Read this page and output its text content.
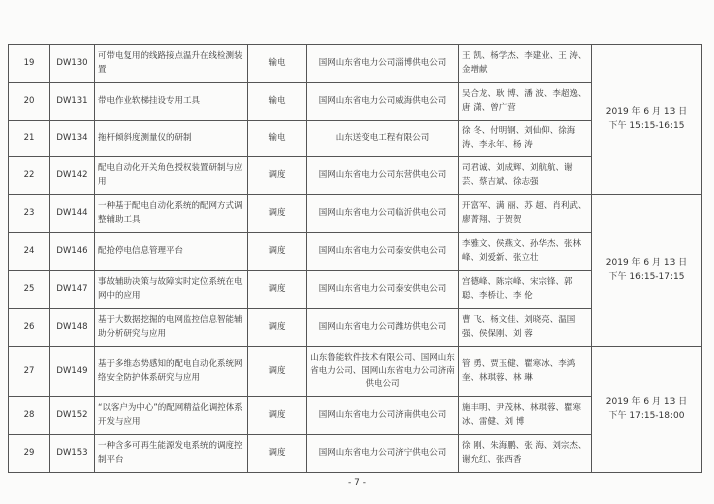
19	DW130	可带电复用的线路接点温升在线检测装置	输电	国网山东省电力公司淄博供电公司	王 凯、杨学杰、李建业、王 涛、金增献	2019 年 6 月 13 日
下午 15:15-16:15

20	DW131	带电作业软梯挂设专用工具	输电	国网山东省电力公司威海供电公司	吴合龙、耿 博、潘 波、李超逸、唐 潇、曾广营	
21	DW134	拖杆倾斜度测量仪的研制	输电	山东送变电工程有限公司	徐 冬、付明钢、刘仙仰、徐海涛、李永年、杨 涛	
22	DW142	配电自动化开关角色授权装置研制与应用	调度	国网山东省电力公司东营供电公司	司君诚、刘成辉、刘航航、谢 芸、蔡吉斌、徐志强	
23	DW144	一种基于配电自动化系统的配网方式调整辅助工具	调度	国网山东省电力公司临沂供电公司	开富军、满 丽、苏 超、肖利武、廖菁翔、于贺贺	2019 年 6 月 13 日
下午 16:15-17:15

24	DW146	配抢停电信息管理平台	调度	国网山东省电力公司泰安供电公司	李雅文、侯燕文、孙华杰、张林峰、刘爱新、张立壮	
25	DW147	事故辅助决策与故障实时定位系统在电网中的应用	调度	国网山东省电力公司泰安供电公司	宫德峰、陈宗峰、宋宗锋、郭 聪、李桥让、李 伦	
26	DW148	基于大数据挖掘的电网监控信息智能辅助分析研究与应用	调度	国网山东省电力公司潍坊供电公司	曹 飞、杨文佳、刘晓亮、温国强、侯保刚、刘 蓉	
27	DW149	基于多维态势感知的配电自动化系统网络安全防护体系研究与应用	调度	山东鲁能软件技术有限公司、国网山东省电力公司、国网山东省电力公司济南供电公司	管 勇、贾玉健、瞿寒冰、李鸿奎、林琪蓉、林 琳	2019 年 6 月 13 日
下午 17:15-18:00

28	DW152	“以客户为中心”的配网精益化调控体系开发与应用	调度	国网山东省电力公司济南供电公司	施丰明、尹茂林、林琪蓉、瞿寒冰、雷健、刘 博	
29	DW153	一种含多可再生能源发电系统的调度控制平台	调度	国网山东省电力公司济宁供电公司	徐 刚、朱海鹏、张 海、刘宗杰、谢允红、张西香	
- 7 -
